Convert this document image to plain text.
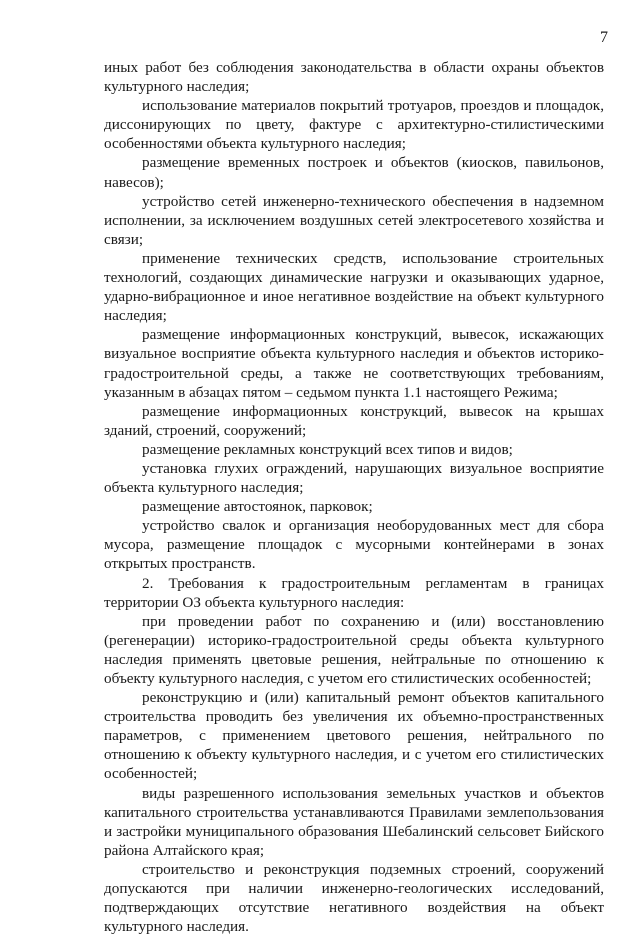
7

иных работ без соблюдения законодательства в области охраны объектов культурного наследия;

использование материалов покрытий тротуаров, проездов и площадок, диссонирующих по цвету, фактуре с архитектурно-стилистическими особенностями объекта культурного наследия;

размещение временных построек и объектов (киосков, павильонов, навесов);

устройство сетей инженерно-технического обеспечения в надземном исполнении, за исключением воздушных сетей электросетевого хозяйства и связи;

применение технических средств, использование строительных технологий, создающих динамические нагрузки и оказывающих ударное, ударно-вибрационное и иное негативное воздействие на объект культурного наследия;

размещение информационных конструкций, вывесок, искажающих визуальное восприятие объекта культурного наследия и объектов историко-градостроительной среды, а также не соответствующих требованиям, указанным в абзацах пятом – седьмом пункта 1.1 настоящего Режима;

размещение информационных конструкций, вывесок на крышах зданий, строений, сооружений;

размещение рекламных конструкций всех типов и видов;

установка глухих ограждений, нарушающих визуальное восприятие объекта культурного наследия;

размещение автостоянок, парковок;

устройство свалок и организация необорудованных мест для сбора мусора, размещение площадок с мусорными контейнерами в зонах открытых пространств.

2. Требования к градостроительным регламентам в границах территории ОЗ объекта культурного наследия:

при проведении работ по сохранению и (или) восстановлению (регенерации) историко-градостроительной среды объекта культурного наследия применять цветовые решения, нейтральные по отношению к объекту культурного наследия, с учетом его стилистических особенностей;

реконструкцию и (или) капитальный ремонт объектов капитального строительства проводить без увеличения их объемно-пространственных параметров, с применением цветового решения, нейтрального по отношению к объекту культурного наследия, и с учетом его стилистических особенностей;

виды разрешенного использования земельных участков и объектов капитального строительства устанавливаются Правилами землепользования и застройки муниципального образования Шебалинский сельсовет Бийского района Алтайского края;

строительство и реконструкция подземных строений, сооружений допускаются при наличии инженерно-геологических исследований, подтверждающих отсутствие негативного воздействия на объект культурного наследия.
